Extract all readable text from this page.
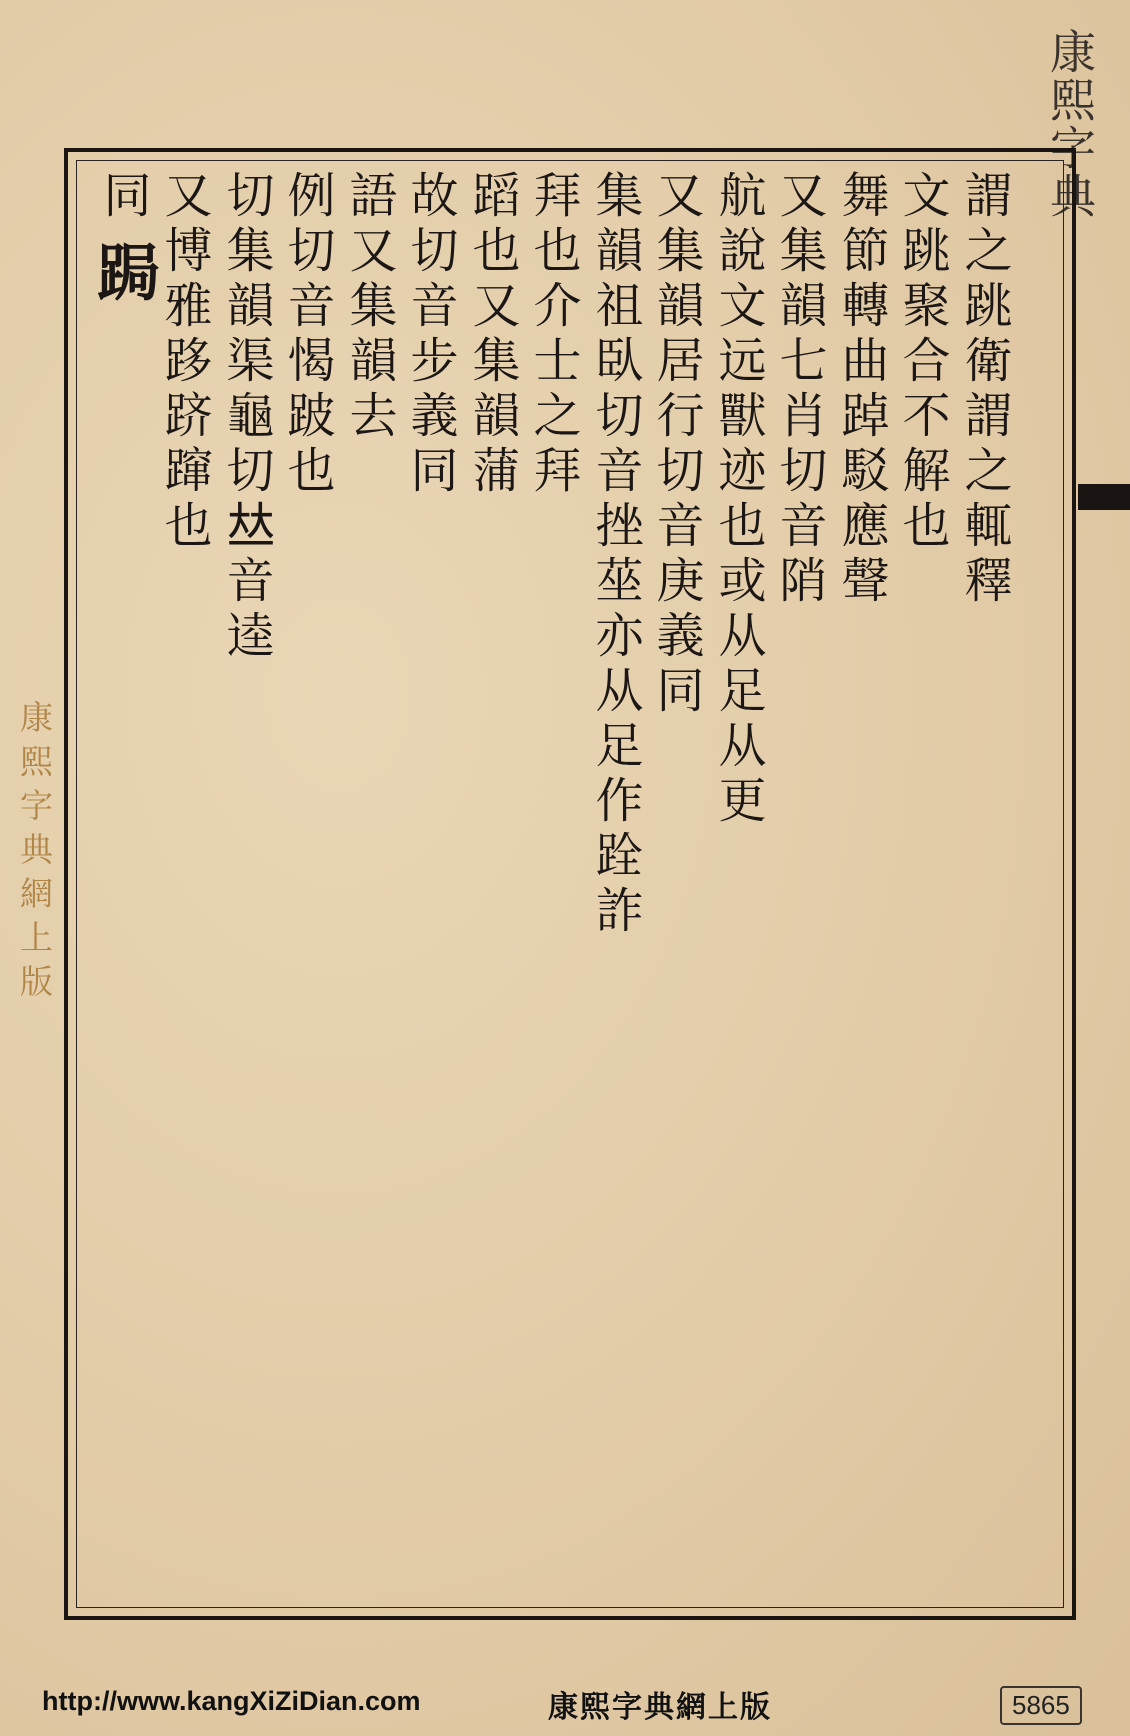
康熙字典
康熙字典網上版
謂之跳衛謂之輒釋
文跳聚合不解也
舞節轉曲踔駁應聲
又集韻七肖切音陗
航說文远獸迹也或从足从更
又集韻居行切音庚義同
集韻祖臥切音挫莝亦从足作跧詐
拜也介士之拜
蹈也又集韻蒲
故切音步義同
語又集韻去
例切音愒跛也
切集韻渠龜切𠀤音逵
又博雅跢跻蹿也
同
跼
http://www.kangXiZiDian.com	康熙字典網上版	5865
